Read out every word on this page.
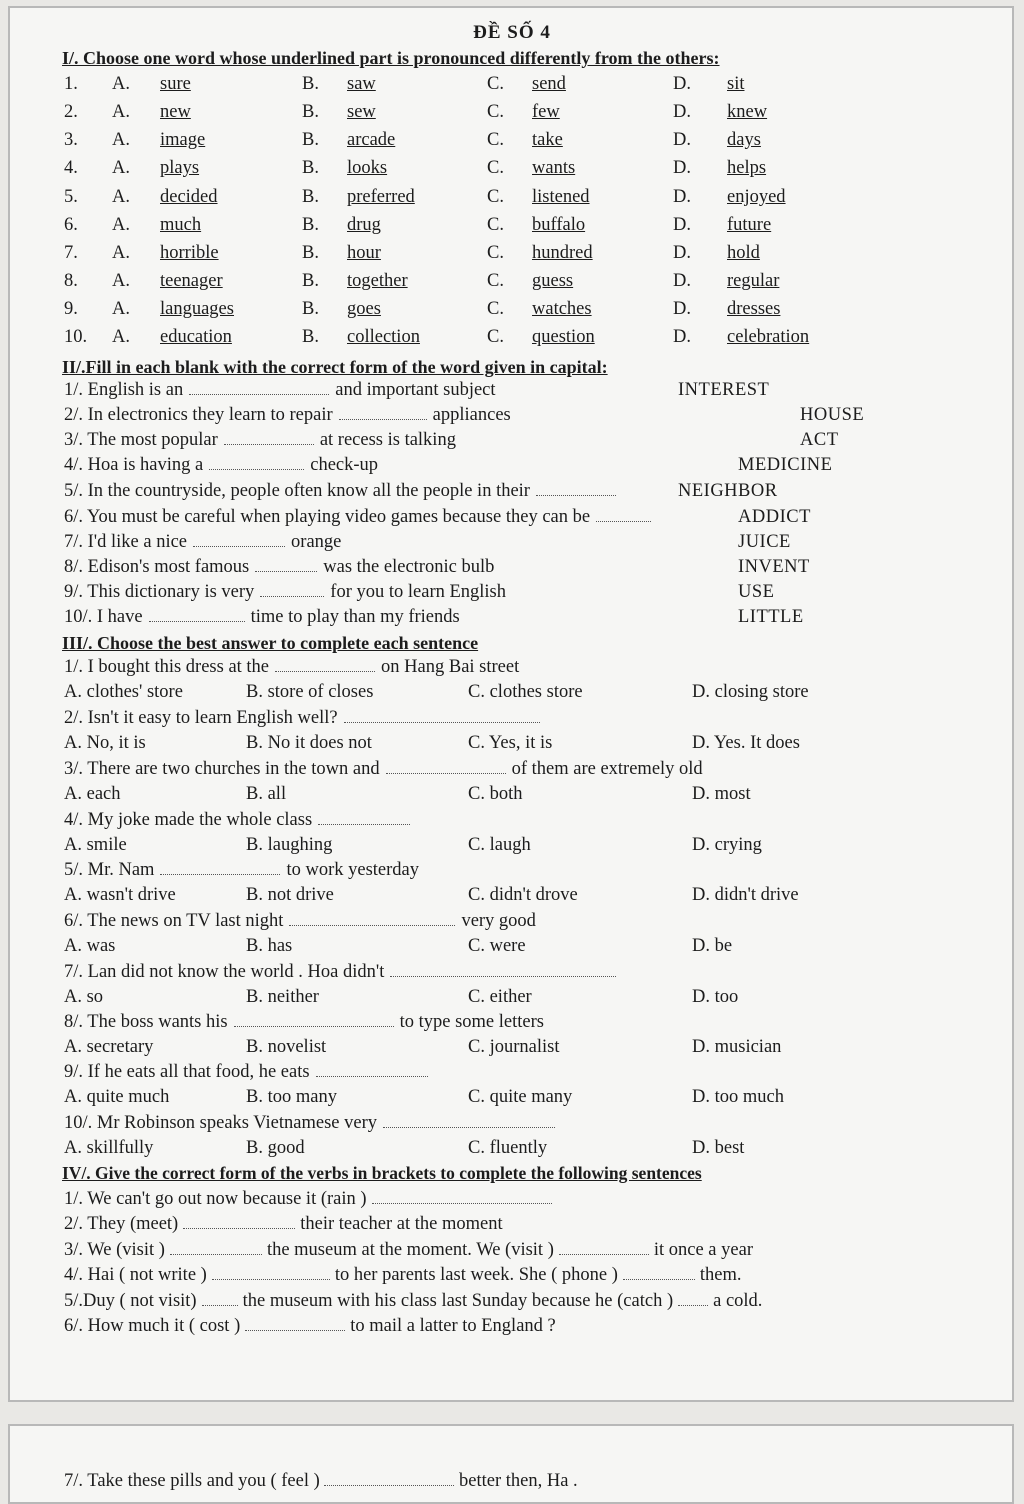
ĐỀ SỐ 4
I/. Choose one word whose underlined part is pronounced differently from the others:
1. A. sure	B. saw	C. send	D. sit
2. A. new	B. sew	C. few	D. knew
3. A. image	B. arcade	C. take	D. days
4. A. plays	B. looks	C. wants	D. helps
5. A. decided	B. preferred	C. listened	D. enjoyed
6. A. much	B. drug	C. buffalo	D. future
7. A. horrible	B. hour	C. hundred	D. hold
8. A. teenager	B. together	C. guess	D. regular
9. A. languages	B. goes	C. watches	D. dresses
10. A. education	B. collection	C. question	D. celebration
II/.Fill in each blank with the correct form of the word given in capital:
1/. English is an	and important subject	INTEREST
2/. In electronics they learn to repair	appliances	HOUSE
3/. The most popular	at recess is talking	ACT
4/. Hoa is having a	check-up	MEDICINE
5/. In the countryside, people often know all the people in their	NEIGHBOR
6/. You must be careful when playing video games because they can be	ADDICT
7/. I'd like a nice	orange	JUICE
8/. Edison's most famous	was the electronic bulb	INVENT
9/. This dictionary is very	for you to learn English	USE
10/. I have	time to play than my friends	LITTLE
III/. Choose the best answer to complete each sentence
1/. I bought this dress at the	on Hang Bai street
A. clothes' store	B. store of closes	C. clothes store	D. closing store
2/. Isn't it easy to learn English well?
A. No, it is	B. No it does not	C. Yes, it is	D. Yes. It does
3/. There are two churches in the town and	of them are extremely old
A. each	B. all	C. both	D. most
4/. My joke made the whole class
A. smile	B. laughing	C. laugh	D. crying
5/. Mr. Nam	to work yesterday
A. wasn't drive	B. not drive	C. didn't drove	D. didn't drive
6/. The news on TV last night	very good
A. was	B. has	C. were	D. be
7/. Lan did not know the world . Hoa didn't
A. so	B. neither	C. either	D. too
8/. The boss wants his	to type some letters
A. secretary	B. novelist	C. journalist	D. musician
9/. If he eats all that food, he eats
A. quite much	B. too many	C. quite many	D. too much
10/. Mr Robinson speaks Vietnamese very
A. skillfully	B. good	C. fluently	D. best
IV/. Give the correct form of the verbs in brackets to complete the following sentences
1/. We can't go out now because it (rain )
2/. They (meet)	their teacher at the moment
3/. We (visit )	the museum at the moment. We (visit )	it once a year
4/. Hai ( not write )	to her parents last week. She ( phone )	them.
5/.Duy ( not visit) the museum with his class last Sunday because he (catch ) a cold.
6/. How much it ( cost )	to mail a latter to England ?
7/. Take these pills and you ( feel )	better then, Ha .
